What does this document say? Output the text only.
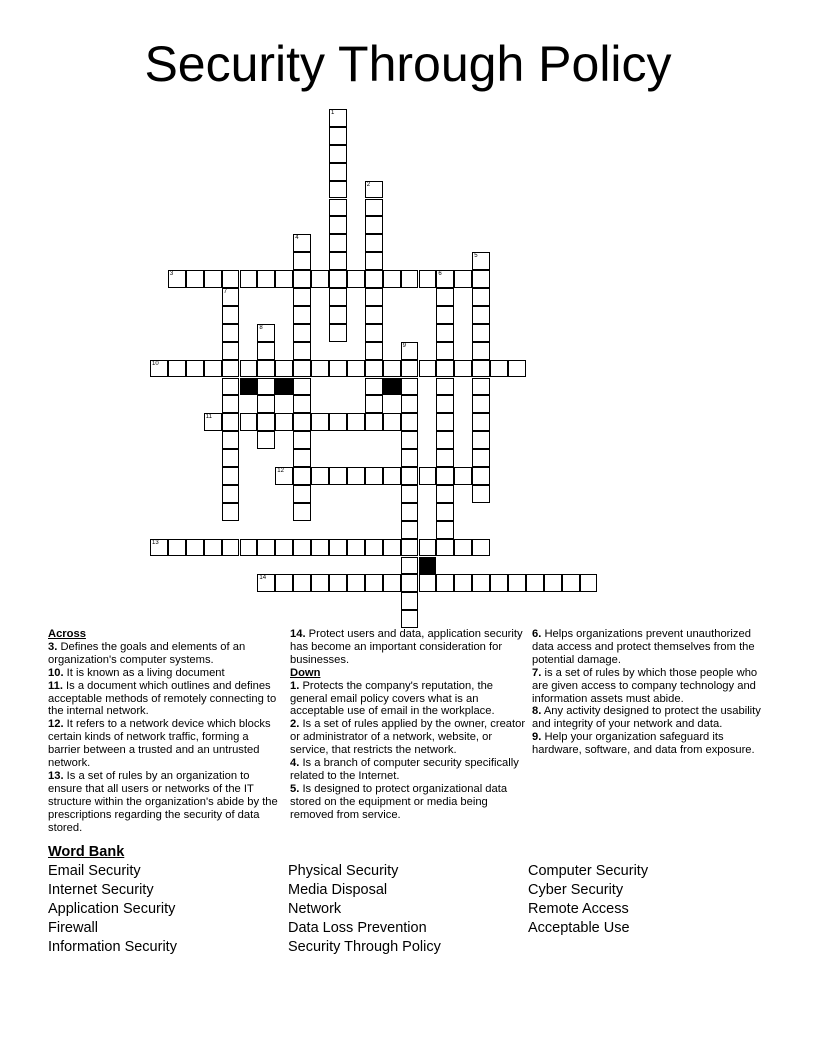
Security Through Policy
3	6
10
11
12
13
14
1
2
4
5
7
8
9
Across
3. Defines the goals and elements of an organization's computer systems.
10. It is known as a living document
11. Is a document which outlines and defines acceptable methods of remotely connecting to the internal network.
12. It refers to a network device which blocks certain kinds of network traffic, forming a barrier between a trusted and an untrusted network.
13. Is a set of rules by an organization to ensure that all users or networks of the IT structure within the organization's abide by the prescriptions regarding the security of data stored.
14. Protect users and data, application security has become an important consideration for businesses.
Down
1. Protects the company's reputation, the general email policy covers what is an acceptable use of email in the workplace.
2. Is a set of rules applied by the owner, creator or administrator of a network, website, or service, that restricts the network.
4. Is a branch of computer security specifically related to the Internet.
5. Is designed to protect organizational data stored on the equipment or media being removed from service.
6. Helps organizations prevent unauthorized data access and protect themselves from the potential damage.
7. is a set of rules by which those people who are given access to company technology and information assets must abide.
8. Any activity designed to protect the usability and integrity of your network and data.
9. Help your organization safeguard its hardware, software, and data from exposure.
Word Bank
Email Security
Internet Security
Application Security
Firewall
Information Security
Physical Security
Media Disposal
Network
Data Loss Prevention
Security Through Policy
Computer Security
Cyber Security
Remote Access
Acceptable Use
